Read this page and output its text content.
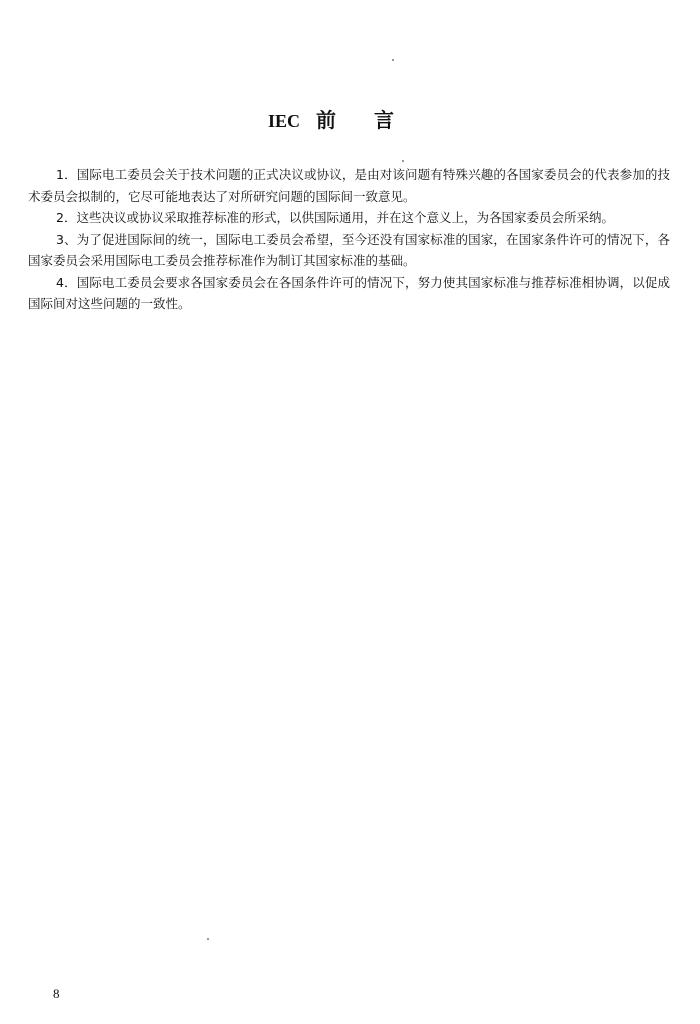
IEC 前言

1．国际电工委员会关于技术问题的正式决议或协议，是由对该问题有特殊兴趣的各国家委员会的代表参加的技术委员会拟制的，它尽可能地表达了对所研究问题的国际间一致意见。

2．这些决议或协议采取推荐标准的形式，以供国际通用，并在这个意义上，为各国家委员会所采纳。

3、为了促进国际间的统一，国际电工委员会希望，至今还没有国家标准的国家，在国家条件许可的情况下，各国家委员会采用国际电工委员会推荐标准作为制订其国家标准的基础。

4．国际电工委员会要求各国家委员会在各国条件许可的情况下，努力使其国家标准与推荐标准相协调，以促成国际间对这些问题的一致性。

8
